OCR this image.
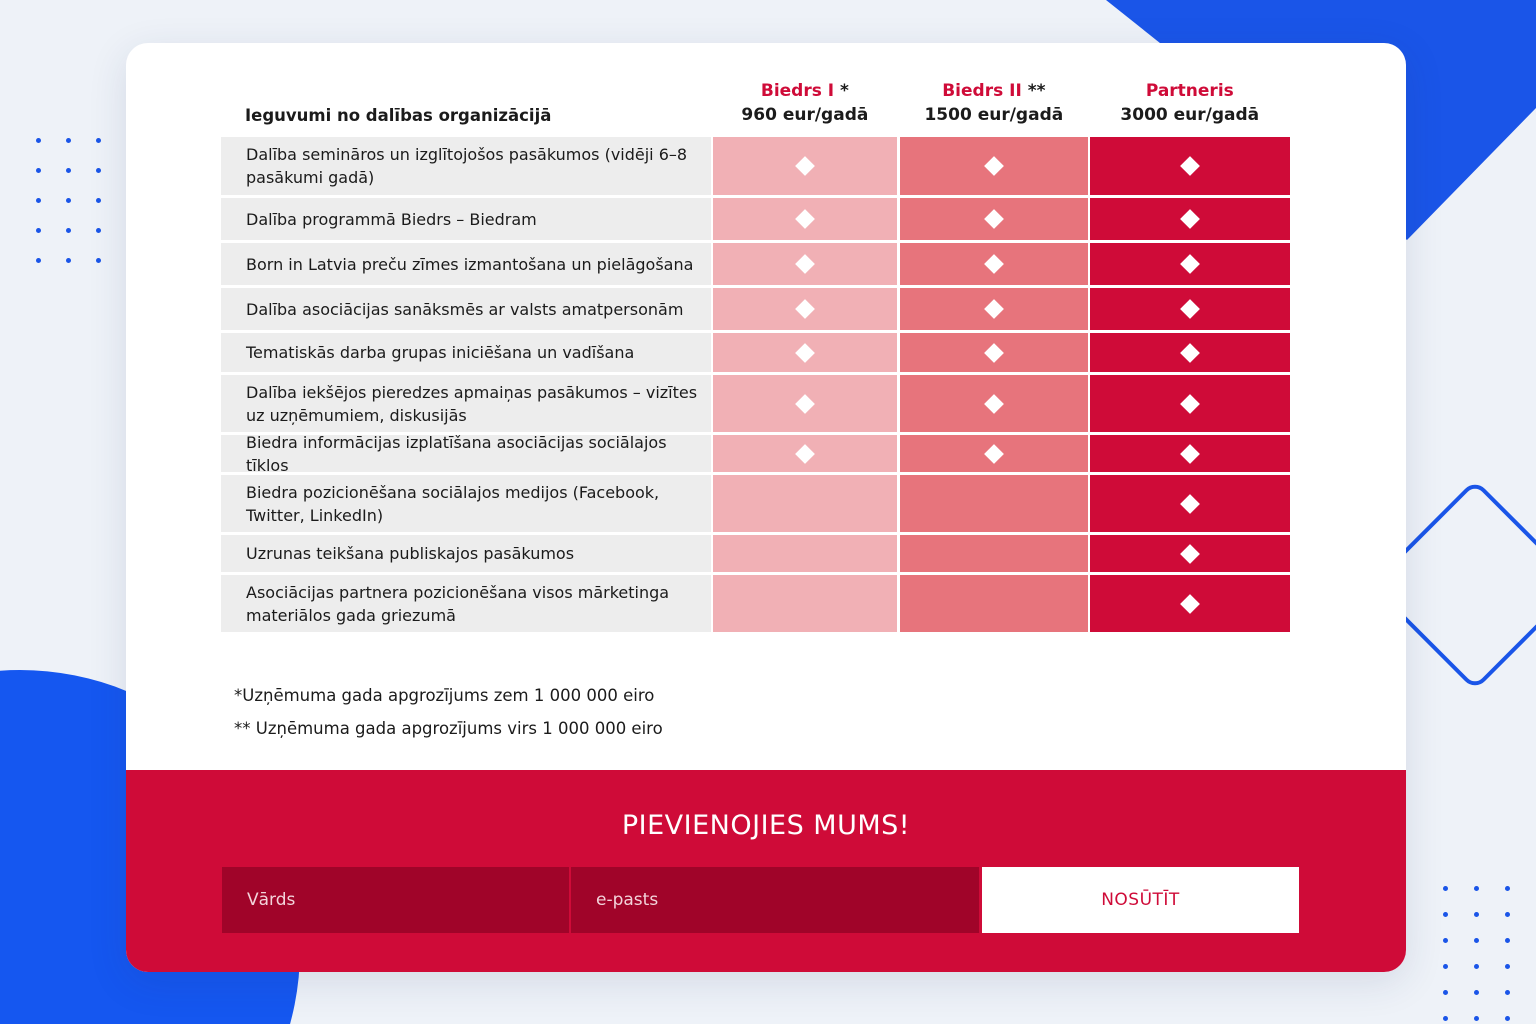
Ieguvumi no dalības organizācijā
Biedrs I *
960 eur/gadā
Biedrs II **
1500 eur/gadā
Partneris
3000 eur/gadā
Dalība semināros un izglītojošos pasākumos (vidēji 6–8 pasākumi gadā)
Dalība programmā Biedrs – Biedram
Born in Latvia preču zīmes izmantošana un pielāgošana
Dalība asociācijas sanāksmēs ar valsts amatpersonām
Tematiskās darba grupas iniciēšana un vadīšana
Dalība iekšējos pieredzes apmaiņas pasākumos – vizītes uz uzņēmumiem, diskusijās
Biedra informācijas izplatīšana asociācijas sociālajos tīklos
Biedra pozicionēšana sociālajos medijos (Facebook, Twitter, LinkedIn)
Uzrunas teikšana publiskajos pasākumos
Asociācijas partnera pozicionēšana visos mārketinga materiālos gada griezumā
*Uzņēmuma gada apgrozījums zem 1 000 000 eiro
** Uzņēmuma gada apgrozījums virs 1 000 000 eiro
PIEVIENOJIES MUMS!
Vārds	e-pasts	NOSŪTĪT
